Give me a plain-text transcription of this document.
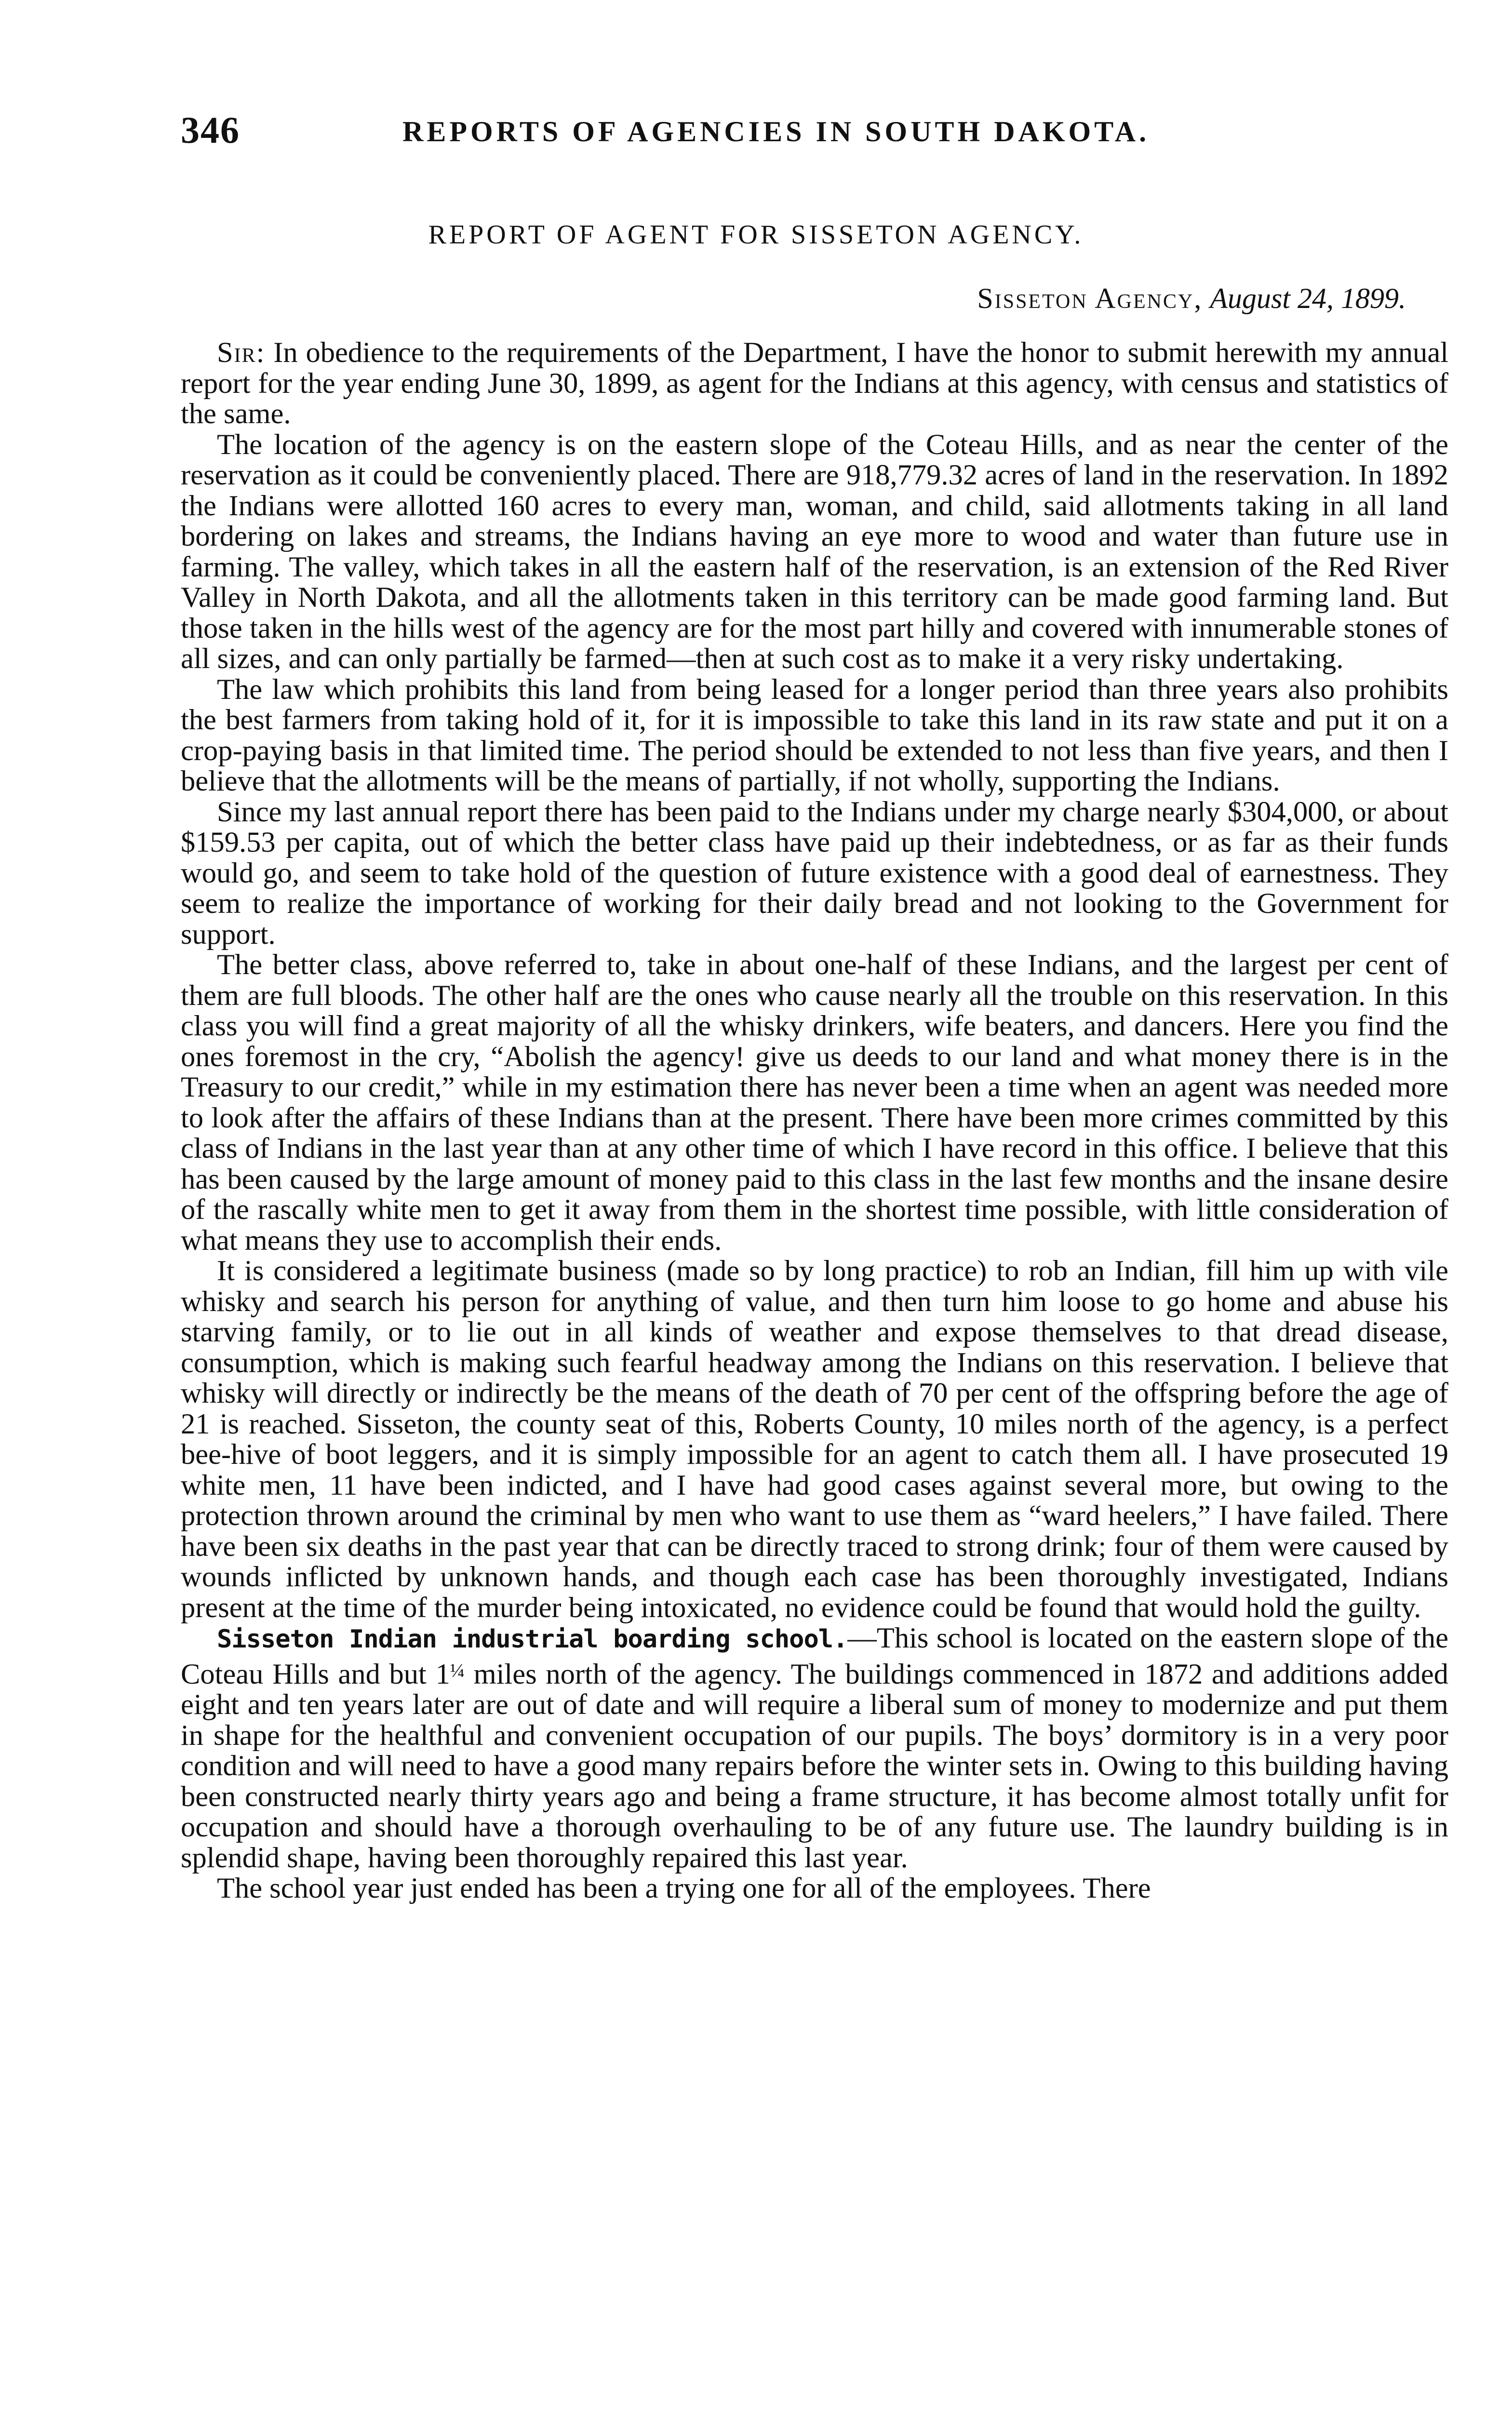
346	REPORTS OF AGENCIES IN SOUTH DAKOTA.
REPORT OF AGENT FOR SISSETON AGENCY.
Sisseton Agency, August 24, 1899.

Sir: In obedience to the requirements of the Department, I have the honor to submit herewith my annual report for the year ending June 30, 1899, as agent for the Indians at this agency, with census and statistics of the same.

The location of the agency is on the eastern slope of the Coteau Hills, and as near the center of the reservation as it could be conveniently placed. There are 918,779.32 acres of land in the reservation. In 1892 the Indians were allotted 160 acres to every man, woman, and child, said allotments taking in all land bordering on lakes and streams, the Indians having an eye more to wood and water than future use in farming. The valley, which takes in all the eastern half of the reservation, is an extension of the Red River Valley in North Dakota, and all the allotments taken in this territory can be made good farming land. But those taken in the hills west of the agency are for the most part hilly and covered with innumerable stones of all sizes, and can only partially be farmed—then at such cost as to make it a very risky undertaking.

The law which prohibits this land from being leased for a longer period than three years also prohibits the best farmers from taking hold of it, for it is impossible to take this land in its raw state and put it on a crop-paying basis in that limited time. The period should be extended to not less than five years, and then I believe that the allotments will be the means of partially, if not wholly, supporting the Indians.

Since my last annual report there has been paid to the Indians under my charge nearly $304,000, or about $159.53 per capita, out of which the better class have paid up their indebtedness, or as far as their funds would go, and seem to take hold of the question of future existence with a good deal of earnestness. They seem to realize the importance of working for their daily bread and not looking to the Government for support.

The better class, above referred to, take in about one-half of these Indians, and the largest per cent of them are full bloods. The other half are the ones who cause nearly all the trouble on this reservation. In this class you will find a great majority of all the whisky drinkers, wife beaters, and dancers. Here you find the ones foremost in the cry, “Abolish the agency! give us deeds to our land and what money there is in the Treasury to our credit,” while in my estimation there has never been a time when an agent was needed more to look after the affairs of these Indians than at the present. There have been more crimes committed by this class of Indians in the last year than at any other time of which I have record in this office. I believe that this has been caused by the large amount of money paid to this class in the last few months and the insane desire of the rascally white men to get it away from them in the shortest time possible, with little consideration of what means they use to accomplish their ends.

It is considered a legitimate business (made so by long practice) to rob an Indian, fill him up with vile whisky and search his person for anything of value, and then turn him loose to go home and abuse his starving family, or to lie out in all kinds of weather and expose themselves to that dread disease, consumption, which is making such fearful headway among the Indians on this reservation. I believe that whisky will directly or indirectly be the means of the death of 70 per cent of the offspring before the age of 21 is reached. Sisseton, the county seat of this, Roberts County, 10 miles north of the agency, is a perfect bee-hive of boot leggers, and it is simply impossible for an agent to catch them all. I have prosecuted 19 white men, 11 have been indicted, and I have had good cases against several more, but owing to the protection thrown around the criminal by men who want to use them as “ward heelers,” I have failed. There have been six deaths in the past year that can be directly traced to strong drink; four of them were caused by wounds inflicted by unknown hands, and though each case has been thoroughly investigated, Indians present at the time of the murder being intoxicated, no evidence could be found that would hold the guilty.

Sisseton Indian industrial boarding school.—This school is located on the eastern slope of the Coteau Hills and but $1^{\frac{1}{4}}$ miles north of the agency. The buildings commenced in 1872 and additions added eight and ten years later are out of date and will require a liberal sum of money to modernize and put them in shape for the healthful and convenient occupation of our pupils. The boys’ dormitory is in a very poor condition and will need to have a good many repairs before the winter sets in. Owing to this building having been constructed nearly thirty years ago and being a frame structure, it has become almost totally unfit for occupation and should have a thorough overhauling to be of any future use. The laundry building is in splendid shape, having been thoroughly repaired this last year.

The school year just ended has been a trying one for all of the employees. There
